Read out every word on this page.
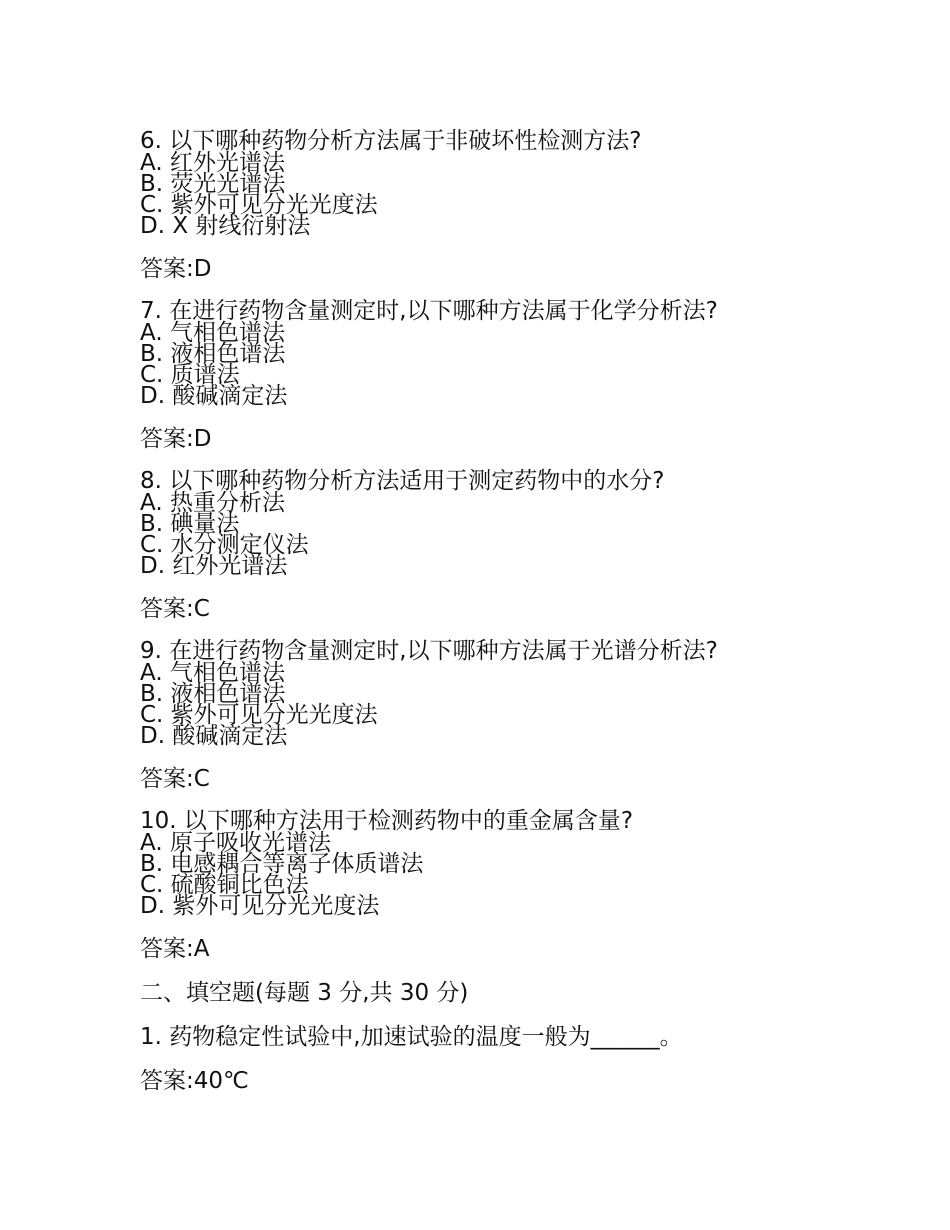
6. 以下哪种药物分析方法属于非破坏性检测方法?
A. 红外光谱法
B. 荧光光谱法
C. 紫外可见分光光度法
D. X 射线衍射法
答案:D
7. 在进行药物含量测定时,以下哪种方法属于化学分析法?
A. 气相色谱法
B. 液相色谱法
C. 质谱法
D. 酸碱滴定法
答案:D
8. 以下哪种药物分析方法适用于测定药物中的水分?
A. 热重分析法
B. 碘量法
C. 水分测定仪法
D. 红外光谱法
答案:C
9. 在进行药物含量测定时,以下哪种方法属于光谱分析法?
A. 气相色谱法
B. 液相色谱法
C. 紫外可见分光光度法
D. 酸碱滴定法
答案:C
10. 以下哪种方法用于检测药物中的重金属含量?
A. 原子吸收光谱法
B. 电感耦合等离子体质谱法
C. 硫酸铜比色法
D. 紫外可见分光光度法
答案:A
二、填空题(每题 3 分,共 30 分)
1. 药物稳定性试验中,加速试验的温度一般为______。
答案:40℃
